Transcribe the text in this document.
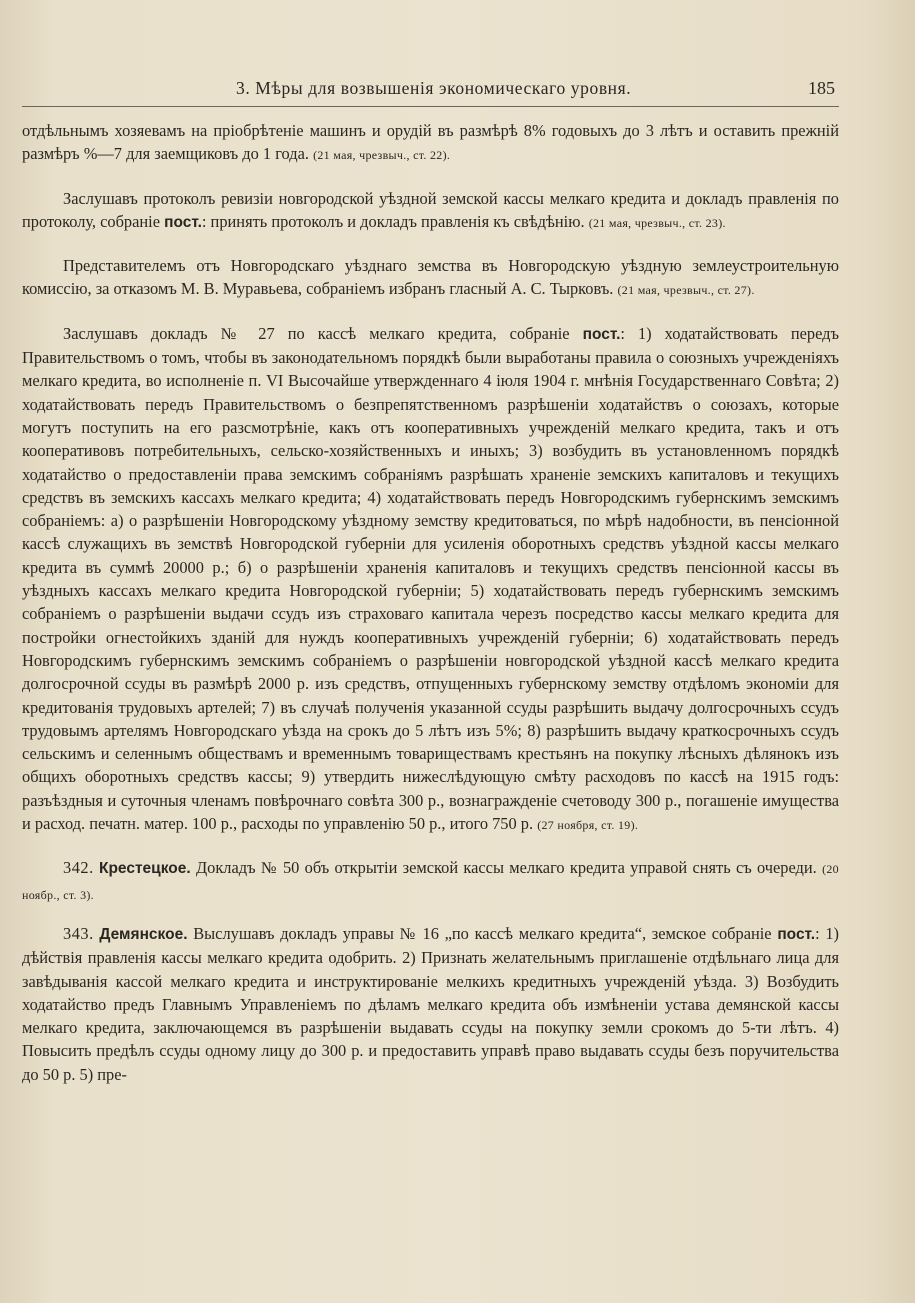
3. Мѣры для возвышенія экономическаго уровня.	185

отдѣльнымъ хозяевамъ на пріобрѣтеніе машинъ и орудій въ размѣрѣ 8% годовыхъ до 3 лѣтъ и оставить прежній размѣръ %—7 для заемщиковъ до 1 года. (21 мая, чрезвыч., ст. 22).

Заслушавъ протоколъ ревизіи новгородской уѣздной земской кассы мелкаго кредита и докладъ правленія по протоколу, собраніе пост.: принять протоколъ и докладъ правленія къ свѣдѣнію. (21 мая, чрезвыч., ст. 23).

Представителемъ отъ Новгородскаго уѣзднаго земства въ Новгородскую уѣздную землеустроительную комиссію, за отказомъ М. В. Муравьева, собраніемъ избранъ гласный А. С. Тырковъ. (21 мая, чрезвыч., ст. 27).

Заслушавъ докладъ № 27 по кассѣ мелкаго кредита, собраніе пост.: 1) ходатайствовать передъ Правительствомъ о томъ, чтобы въ законодательномъ порядкѣ были выработаны правила о союзныхъ учрежденіяхъ мелкаго кредита, во исполненіе п. VI Высочайше утвержденнаго 4 іюля 1904 г. мнѣнія Государственнаго Совѣта; 2) ходатайствовать передъ Правительствомъ о безпрепятственномъ разрѣшеніи ходатайствъ о союзахъ, которые могутъ поступить на его разсмотрѣніе, какъ отъ кооперативныхъ учрежденій мелкаго кредита, такъ и отъ кооперативовъ потребительныхъ, сельско-хозяйственныхъ и иныхъ; 3) возбудить въ установленномъ порядкѣ ходатайство о предоставленіи права земскимъ собраніямъ разрѣшать храненіе земскихъ капиталовъ и текущихъ средствъ въ земскихъ кассахъ мелкаго кредита; 4) ходатайствовать передъ Новгородскимъ губернскимъ земскимъ собраніемъ: а) о разрѣшеніи Новгородскому уѣздному земству кредитоваться, по мѣрѣ надобности, въ пенсіонной кассѣ служащихъ въ земствѣ Новгородской губерніи для усиленія оборотныхъ средствъ уѣздной кассы мелкаго кредита въ суммѣ 20000 р.; б) о разрѣшеніи храненія капиталовъ и текущихъ средствъ пенсіонной кассы въ уѣздныхъ кассахъ мелкаго кредита Новгородской губерніи; 5) ходатайствовать передъ губернскимъ земскимъ собраніемъ о разрѣшеніи выдачи ссудъ изъ страховаго капитала черезъ посредство кассы мелкаго кредита для постройки огнестойкихъ зданій для нуждъ кооперативныхъ учрежденій губерніи; 6) ходатайствовать передъ Новгородскимъ губернскимъ земскимъ собраніемъ о разрѣшеніи новгородской уѣздной кассѣ мелкаго кредита долгосрочной ссуды въ размѣрѣ 2000 р. изъ средствъ, отпущенныхъ губернскому земству отдѣломъ экономіи для кредитованія трудовыхъ артелей; 7) въ случаѣ полученія указанной ссуды разрѣшить выдачу долгосрочныхъ ссудъ трудовымъ артелямъ Новгородскаго уѣзда на срокъ до 5 лѣтъ изъ 5%; 8) разрѣшить выдачу краткосрочныхъ ссудъ сельскимъ и селеннымъ обществамъ и временнымъ товариществамъ крестьянъ на покупку лѣсныхъ дѣлянокъ изъ общихъ оборотныхъ средствъ кассы; 9) утвердить нижеслѣдующую смѣту расходовъ по кассѣ на 1915 годъ: разъѣздныя и суточныя членамъ повѣрочнаго совѣта 300 р., вознагражденіе счетоводу 300 р., погашеніе имущества и расход. печатн. матер. 100 р., расходы по управленію 50 р., итого 750 р. (27 ноября, ст. 19).

342. Крестецкое. Докладъ № 50 объ открытіи земской кассы мелкаго кредита управой снять съ очереди. (20 ноябр., ст. 3).

343. Демянское. Выслушавъ докладъ управы № 16 „по кассѣ мелкаго кредита“, земское собраніе пост.: 1) дѣйствія правленія кассы мелкаго кредита одобрить. 2) Признать желательнымъ приглашеніе отдѣльнаго лица для завѣдыванія кассой мелкаго кредита и инструктированіе мелкихъ кредитныхъ учрежденій уѣзда. 3) Возбудить ходатайство предъ Главнымъ Управленіемъ по дѣламъ мелкаго кредита объ измѣненіи устава демянской кассы мелкаго кредита, заключающемся въ разрѣшеніи выдавать ссуды на покупку земли срокомъ до 5-ти лѣтъ. 4) Повысить предѣлъ ссуды одному лицу до 300 р. и предоставить управѣ право выдавать ссуды безъ поручительства до 50 р. 5) пре-
